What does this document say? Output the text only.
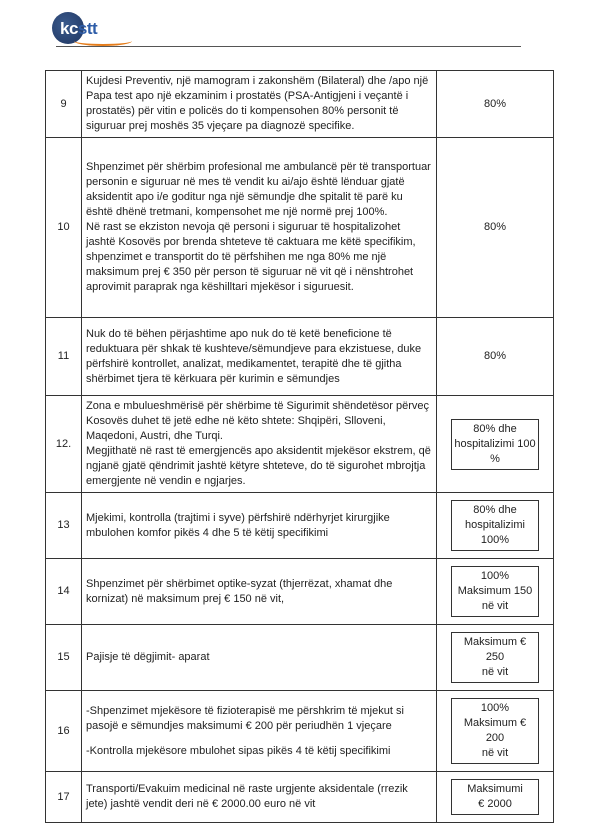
kcstt
9	Kujdesi Preventiv, një mamogram i zakonshëm (Bilateral) dhe /apo një Papa test apo një ekzaminim i prostatës (PSA-Antigjeni i veçantë i prostatës) për vitin e policës do ti kompensohen 80% personit të siguruar prej moshës 35 vjeçare pa diagnozë specifike.	80%

10	Shpenzimet për shërbim profesional me ambulancë për të transportuar personin e siguruar në mes të vendit ku ai/ajo është lënduar gjatë aksidentit apo i/e goditur nga një sëmundje dhe spitalit të parë ku është dhënë tretmani, kompensohet me një normë prej 100%.
Në rast se ekziston nevoja që personi i siguruar të hospitalizohet jashtë Kosovës por brenda shteteve të caktuara me këtë specifikim, shpenzimet e transportit do të përfshihen me nga 80% me një maksimum prej € 350 për person të siguruar në vit që i nënshtrohet aprovimit paraprak nga këshilltari mjekësor i siguruesit.	80%

11	Nuk do të bëhen përjashtime apo nuk do të ketë beneficione të reduktuara për shkak të kushteve/sëmundjeve para ekzistuese, duke përfshirë kontrollet, analizat, medikamentet, terapitë dhe të gjitha shërbimet tjera të kërkuara për kurimin e sëmundjes	80%

12.	Zona e mbulueshmërisë për shërbime të Sigurimit shëndetësor përveç Kosovës duhet të jetë edhe në këto shtete: Shqipëri, Slloveni, Maqedoni, Austri, dhe Turqi.
Megjithatë në rast të emergjencës apo aksidentit mjekësor ekstrem, që ngjanë gjatë qëndrimit jashtë këtyre shteteve, do të sigurohet mbrojtja emergjente në vendin e ngjarjes.	80% dhe
hospitalizimi 100 %

13	Mjekimi, kontrolla (trajtimi i syve) përfshirë ndërhyrjet kirurgjike mbulohen komfor pikës 4 dhe 5 të këtij specifikimi	80% dhe
hospitalizimi 100%

14	Shpenzimet për shërbimet optike-syzat (thjerrëzat, xhamat dhe kornizat) në maksimum prej € 150 në vit,	100%
Maksimum 150
në vit

15	Pajisje të dëgjimit- aparat	Maksimum € 250
në vit

16	-Shpenzimet mjekësore të fizioterapisë me përshkrim të mjekut si pasojë e sëmundjes maksimumi € 200 për periudhën 1 vjeçare
-Kontrolla mjekësore mbulohet sipas pikës 4 të këtij specifikimi	100%
Maksimum € 200
në vit

17	Transporti/Evakuim medicinal në raste urgjente aksidentale (rrezik jete) jashtë vendit deri në € 2000.00 euro në vit	Maksimumi
€ 2000
